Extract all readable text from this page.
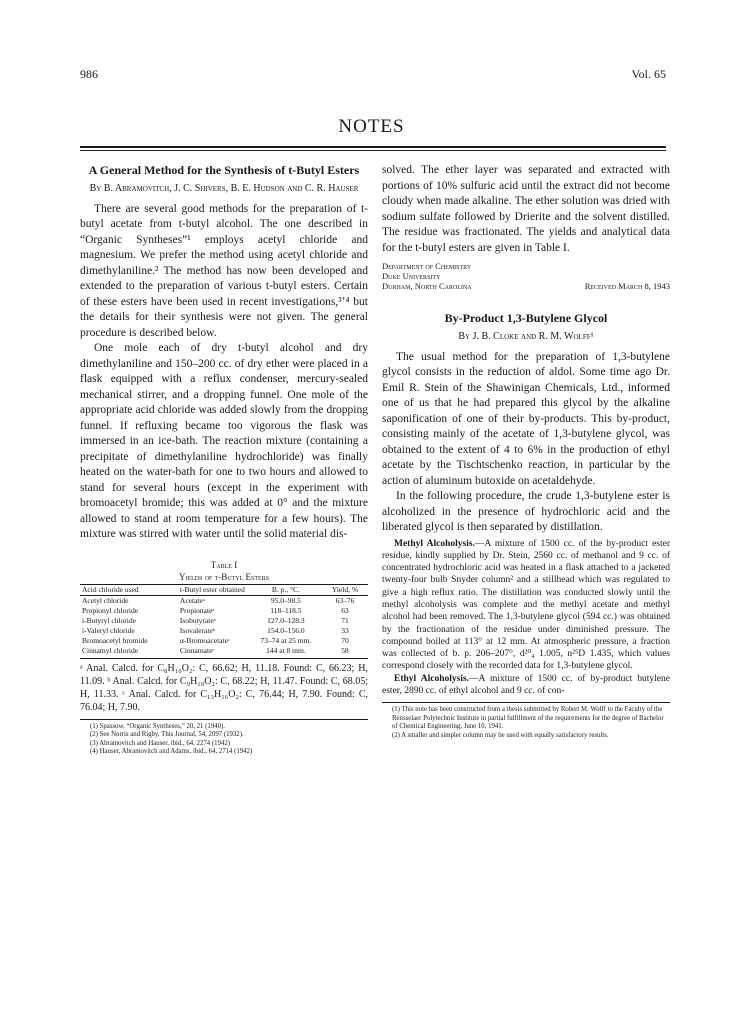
986	Vol. 65
NOTES

A General Method for the Synthesis of t-Butyl Esters

By B. Abramovitch, J. C. Shivers, B. E. Hudson and C. R. Hauser

There are several good methods for the preparation of t-butyl acetate from t-butyl alcohol. The one described in “Organic Syntheses”¹ employs acetyl chloride and magnesium. We prefer the method using acetyl chloride and dimethylaniline.² The method has now been developed and extended to the preparation of various t-butyl esters. Certain of these esters have been used in recent investigations,³ʼ⁴ but the details for their synthesis were not given. The general procedure is described below.

One mole each of dry t-butyl alcohol and dry dimethylaniline and 150–200 cc. of dry ether were placed in a flask equipped with a reflux condenser, mercury-sealed mechanical stirrer, and a dropping funnel. One mole of the appropriate acid chloride was added slowly from the dropping funnel. If refluxing became too vigorous the flask was immersed in an ice-bath. The reaction mixture (containing a precipitate of dimethylaniline hydrochloride) was finally heated on the water-bath for one to two hours and allowed to stand for several hours (except in the experiment with bromoacetyl bromide; this was added at 0° and the mixture allowed to stand at room temperature for a few hours). The mixture was stirred with water until the solid material dis-

Table I
Yields of t-Butyl Esters
Acid chloride used	t-Butyl ester obtained	B. p., °C.	Yield, %
Acetyl chloride	Acetateᵃ	95.0–98.5	63–76
Propionyl chloride	Propionateᵃ	118–118.5	63
i-Butyryl chloride	Isobutyrateᵃ	127.0–128.3	71
i-Valeryl chloride	Isovalerateᵇ	154.0–156.0	33
Bromoacetyl bromide	α-Bromoacetateᶜ	73–74 at 25 mm.	70
Cinnamyl chloride	Cinnamateᶜ	144 at 8 mm.	58
ᵃ Anal. Calcd. for C₈H₁₆O₂: C, 66.62; H, 11.18. Found: C, 66.23; H, 11.09. ᵇ Anal. Calcd. for C₉H₁₈O₂: C, 68.22; H, 11.47. Found: C, 68.05; H, 11.33. ᶜ Anal. Calcd. for C₁₃H₁₆O₂: C, 76.44; H, 7.90. Found: C, 76.04; H, 7.90.
(1) Spassow, “Organic Syntheses,” 20, 21 (1940).
(2) See Norris and Rigby, This Journal, 54, 2097 (1932).
(3) Abramovitch and Hauser, ibid., 64, 2274 (1942)
(4) Hauser, Abramovitch and Adams, ibid., 64, 2714 (1942)

solved. The ether layer was separated and extracted with portions of 10% sulfuric acid until the extract did not become cloudy when made alkaline. The ether solution was dried with sodium sulfate followed by Drierite and the solvent distilled. The residue was fractionated. The yields and analytical data for the t-butyl esters are given in Table I.

Department of Chemistry
Duke University
Durham, North Carolina	Received March 8, 1943

By-Product 1,3-Butylene Glycol

By J. B. Cloke and R. M. Wolff¹

The usual method for the preparation of 1,3-butylene glycol consists in the reduction of aldol. Some time ago Dr. Emil R. Stein of the Shawinigan Chemicals, Ltd., informed one of us that he had prepared this glycol by the alkaline saponification of one of their by-products. This by-product, consisting mainly of the acetate of 1,3-butylene glycol, was obtained to the extent of 4 to 6% in the production of ethyl acetate by the Tischtschenko reaction, in particular by the action of aluminum butoxide on acetaldehyde.

In the following procedure, the crude 1,3-butylene ester is alcoholized in the presence of hydrochloric acid and the liberated glycol is then separated by distillation.

Methyl Alcoholysis.—A mixture of 1500 cc. of the by-product ester residue, kindly supplied by Dr. Stein, 2560 cc. of methanol and 9 cc. of concentrated hydrochloric acid was heated in a flask attached to a jacketed twenty-four bulb Snyder column² and a stillhead which was regulated to give a high reflux ratio. The distillation was conducted slowly until the methyl alcoholysis was complete and the methyl acetate and methyl alcohol had been removed. The 1,3-butylene glycol (594 cc.) was obtained by the fractionation of the residue under diminished pressure. The compound boiled at 113° at 12 mm. At atmospheric pressure, a fraction was collected of b. p. 206–207°, d²⁰₄ 1.005, n²⁵D 1.435, which values correspond closely with the recorded data for 1,3-butylene glycol.

Ethyl Alcoholysis.—A mixture of 1500 cc. of by-product butylene ester, 2890 cc. of ethyl alcohol and 9 cc. of con-

(1) This note has been constructed from a thesis submitted by Robert M. Wolff to the Faculty of the Rensselaer Polytechnic Institute in partial fulfillment of the requirements for the degree of Bachelor of Chemical Engineering, June 10, 1941.
(2) A smaller and simpler column may be used with equally satisfactory results.
